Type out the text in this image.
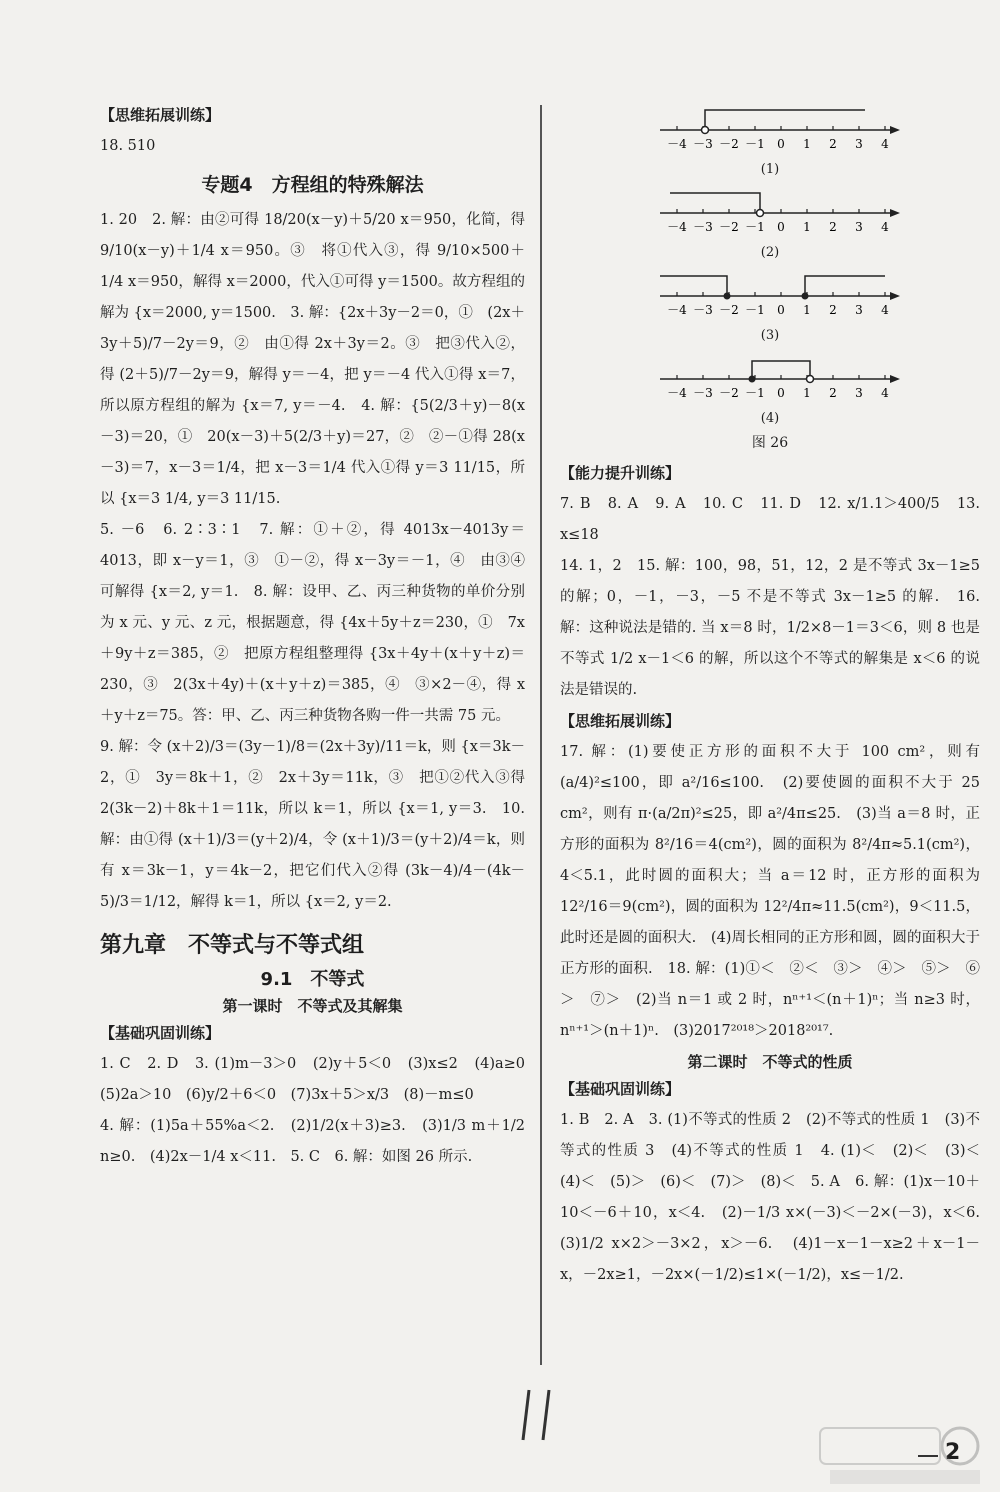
【思维拓展训练】

18. 510

专题4　方程组的特殊解法

1. 20　2. 解：由②可得 18/20(x－y)＋5/20 x＝950，化简，得 9/10(x－y)＋1/4 x＝950。③　将①代入③，得 9/10×500＋1/4 x＝950，解得 x＝2000，代入①可得 y＝1500。故方程组的解为 {x＝2000, y＝1500.　3. 解：{2x＋3y－2＝0，①　(2x＋3y＋5)/7－2y＝9，②　由①得 2x＋3y＝2。③　把③代入②，得 (2＋5)/7－2y＝9，解得 y＝－4，把 y＝－4 代入①得 x＝7，所以原方程组的解为 {x＝7, y＝－4.　4. 解：{5(2/3＋y)－8(x－3)＝20，①　20(x－3)＋5(2/3＋y)＝27，②　②－①得 28(x－3)＝7，x－3＝1/4，把 x－3＝1/4 代入①得 y＝3 11/15，所以 {x＝3 1/4, y＝3 11/15.

5. －6　6. 2∶3∶1　7. 解：①＋②，得 4013x－4013y＝4013，即 x－y＝1，③　①－②，得 x－3y＝－1，④　由③④可解得 {x＝2, y＝1.　8. 解：设甲、乙、丙三种货物的单价分别为 x 元、y 元、z 元，根据题意，得 {4x＋5y＋z＝230，①　7x＋9y＋z＝385，②　把原方程组整理得 {3x＋4y＋(x＋y＋z)＝230，③　2(3x＋4y)＋(x＋y＋z)＝385，④　③×2－④，得 x＋y＋z＝75。答：甲、乙、丙三种货物各购一件一共需 75 元。

9. 解：令 (x＋2)/3＝(3y－1)/8＝(2x＋3y)/11＝k，则 {x＝3k－2，①　3y＝8k＋1，②　2x＋3y＝11k，③　把①②代入③得 2(3k－2)＋8k＋1＝11k，所以 k＝1，所以 {x＝1, y＝3.　10. 解：由①得 (x＋1)/3＝(y＋2)/4，令 (x＋1)/3＝(y＋2)/4＝k，则有 x＝3k－1，y＝4k－2，把它们代入②得 (3k－4)/4－(4k－5)/3＝1/12，解得 k＝1，所以 {x＝2, y＝2.

第九章　不等式与不等式组
9.1　不等式
第一课时　不等式及其解集
【基础巩固训练】

1. C　2. D　3. (1)m－3＞0　(2)y＋5＜0　(3)x≤2　(4)a≥0　(5)2a＞10　(6)y/2＋6＜0　(7)3x＋5＞x/3　(8)－m≤0

4. 解：(1)5a＋55%a＜2.　(2)1/2(x＋3)≥3.　(3)1/3 m＋1/2 n≥0.　(4)2x－1/4 x＜11.　5. C　6. 解：如图 26 所示.

－4 －3 －2 －1 0 1 2 3 4
(1)
－4 －3 －2 －1 0 1 2 3 4
(2)
－4 －3 －2 －1 0 1 2 3 4
(3)
－4 －3 －2 －1 0 1 2 3 4
(4)
图 26
【能力提升训练】

7. B　8. A　9. A　10. C　11. D　12. x/1.1＞400/5　13. x≤18

14. 1，2　15. 解：100，98，51，12，2 是不等式 3x－1≥5 的解；0，－1，－3，－5 不是不等式 3x－1≥5 的解.　16. 解：这种说法是错的. 当 x＝8 时，1/2×8－1＝3＜6，则 8 也是不等式 1/2 x－1＜6 的解，所以这个不等式的解集是 x＜6 的说法是错误的.

【思维拓展训练】

17. 解：(1)要使正方形的面积不大于 100 cm²，则有 (a/4)²≤100，即 a²/16≤100.　(2)要使圆的面积不大于 25 cm²，则有 π·(a/2π)²≤25，即 a²/4π≤25.　(3)当 a＝8 时，正方形的面积为 8²/16＝4(cm²)，圆的面积为 8²/4π≈5.1(cm²)，4＜5.1，此时圆的面积大；当 a＝12 时，正方形的面积为 12²/16＝9(cm²)，圆的面积为 12²/4π≈11.5(cm²)，9＜11.5，此时还是圆的面积大.　(4)周长相同的正方形和圆，圆的面积大于正方形的面积.　18. 解：(1)①＜　②＜　③＞　④＞　⑤＞　⑥＞　⑦＞　(2)当 n＝1 或 2 时，nⁿ⁺¹＜(n＋1)ⁿ；当 n≥3 时，nⁿ⁺¹＞(n＋1)ⁿ.　(3)2017²⁰¹⁸＞2018²⁰¹⁷.

第二课时　不等式的性质
【基础巩固训练】

1. B　2. A　3. (1)不等式的性质 2　(2)不等式的性质 1　(3)不等式的性质 3　(4)不等式的性质 1　4. (1)＜　(2)＜　(3)＜　(4)＜　(5)＞　(6)＜　(7)＞　(8)＜　5. A　6. 解：(1)x－10＋10＜－6＋10，x＜4.　(2)－1/3 x×(－3)＜－2×(－3)，x＜6.　(3)1/2 x×2＞－3×2，x＞－6.　(4)1－x－1－x≥2＋x－1－x，－2x≥1，－2x×(－1/2)≤1×(－1/2)，x≤－1/2.

2
